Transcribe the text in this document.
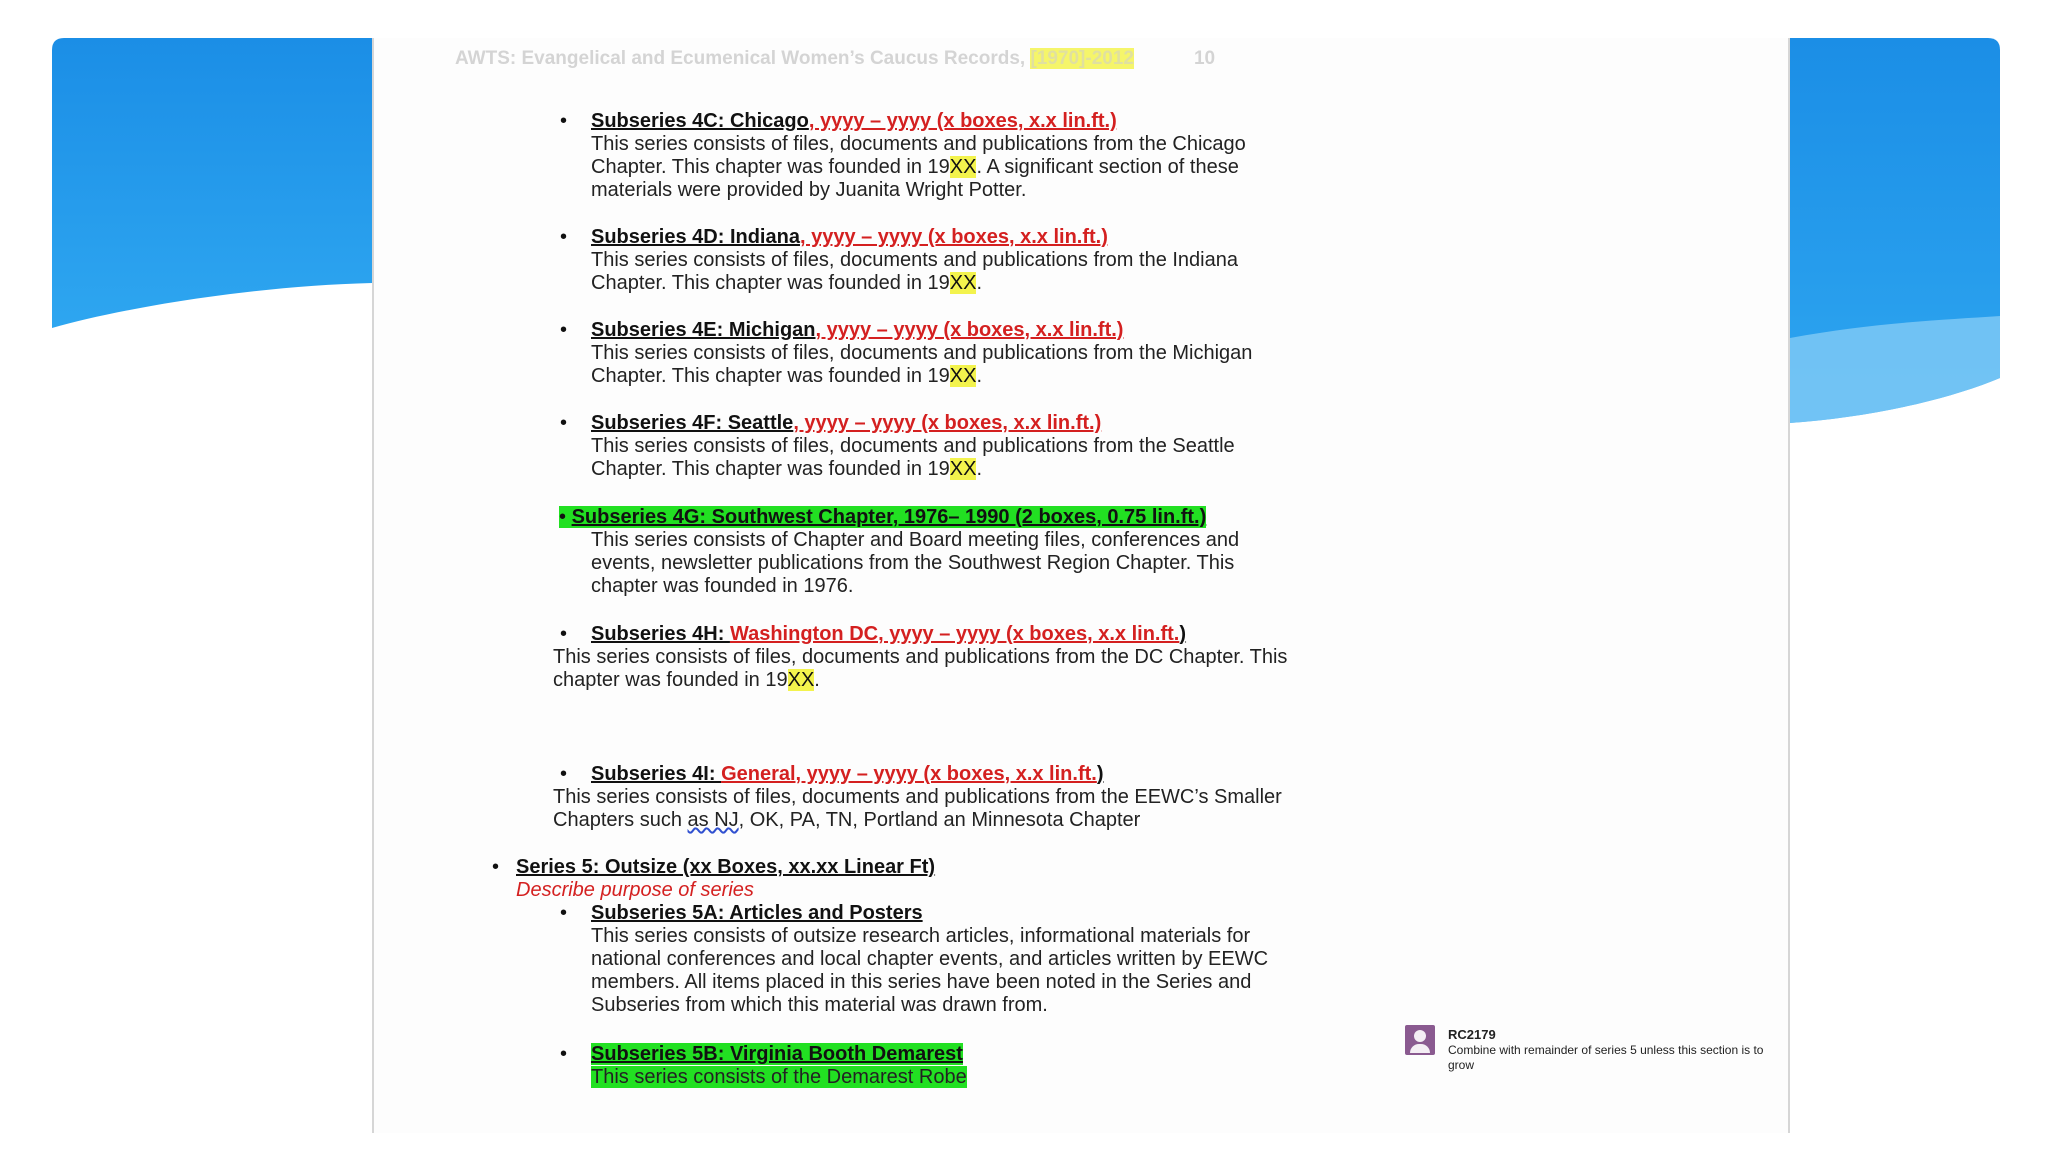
AWTS: Evangelical and Ecumenical Women’s Caucus Records, [1970]-2012	10
• Subseries 4C: Chicago, yyyy – yyyy (x boxes, x.x lin.ft.)
This series consists of files, documents and publications from the Chicago
Chapter. This chapter was founded in 19XX. A significant section of these
materials were provided by Juanita Wright Potter.
• Subseries 4D: Indiana, yyyy – yyyy (x boxes, x.x lin.ft.)
This series consists of files, documents and publications from the Indiana
Chapter. This chapter was founded in 19XX.
• Subseries 4E: Michigan, yyyy – yyyy (x boxes, x.x lin.ft.)
This series consists of files, documents and publications from the Michigan
Chapter. This chapter was founded in 19XX.
• Subseries 4F: Seattle, yyyy – yyyy (x boxes, x.x lin.ft.)
This series consists of files, documents and publications from the Seattle
Chapter. This chapter was founded in 19XX.
• Subseries 4G: Southwest Chapter, 1976– 1990 (2 boxes, 0.75 lin.ft.)
This series consists of Chapter and Board meeting files, conferences and
events, newsletter publications from the Southwest Region Chapter. This
chapter was founded in 1976.
• Subseries 4H: Washington DC, yyyy – yyyy (x boxes, x.x lin.ft.)
This series consists of files, documents and publications from the DC Chapter. This
chapter was founded in 19XX.
• Subseries 4I: General, yyyy – yyyy (x boxes, x.x lin.ft.)
This series consists of files, documents and publications from the EEWC’s Smaller
Chapters such as NJ, OK, PA, TN, Portland an Minnesota Chapter
• Series 5: Outsize (xx Boxes, xx.xx Linear Ft)
Describe purpose of series
• Subseries 5A: Articles and Posters
This series consists of outsize research articles, informational materials for
national conferences and local chapter events, and articles written by EEWC
members. All items placed in this series have been noted in the Series and
Subseries from which this material was drawn from.
• Subseries 5B: Virginia Booth Demarest
This series consists of the Demarest Robe
RC2179
Combine with remainder of series 5 unless this section is to grow
